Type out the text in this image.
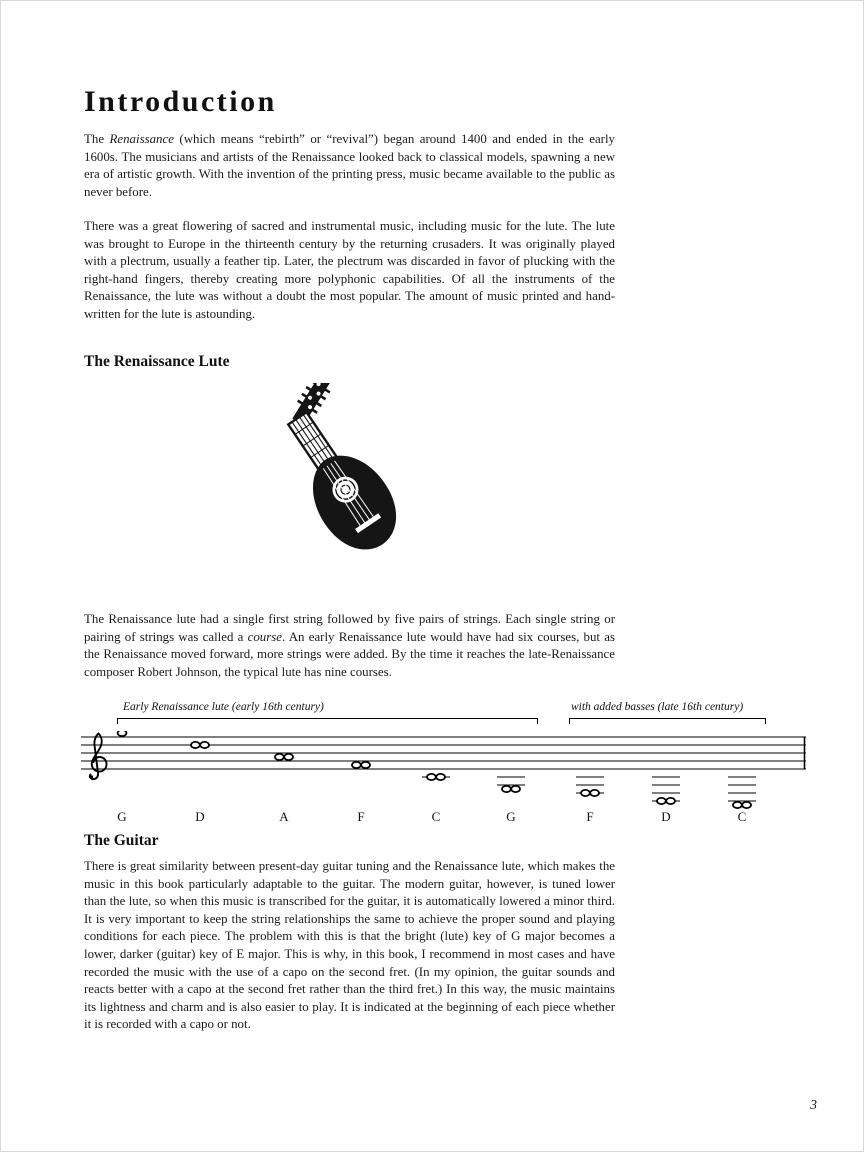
Introduction

The Renaissance (which means “rebirth” or “revival”) began around 1400 and ended in the early 1600s. The musicians and artists of the Renaissance looked back to classical models, spawning a new era of artistic growth. With the invention of the printing press, music became available to the public as never before.

There was a great flowering of sacred and instrumental music, including music for the lute. The lute was brought to Europe in the thirteenth century by the returning crusaders. It was originally played with a plectrum, usually a feather tip. Later, the plectrum was discarded in favor of plucking with the right-hand fingers, thereby creating more polyphonic capabilities. Of all the instruments of the Renaissance, the lute was without a doubt the most popular. The amount of music printed and hand-written for the lute is astounding.

The Renaissance Lute

The Renaissance lute had a single first string followed by five pairs of strings. Each single string or pairing of strings was called a course. An early Renaissance lute would have had six courses, but as the Renaissance moved forward, more strings were added. By the time it reaches the late-Renaissance composer Robert Johnson, the typical lute has nine courses.

Early Renaissance lute (early 16th century)	with added basses (late 16th century)
G	D	A	F	C	G	F	D	C
The Guitar

There is great similarity between present-day guitar tuning and the Renaissance lute, which makes the music in this book particularly adaptable to the guitar. The modern guitar, however, is tuned lower than the lute, so when this music is transcribed for the guitar, it is automatically lowered a minor third. It is very important to keep the string relationships the same to achieve the proper sound and playing conditions for each piece. The problem with this is that the bright (lute) key of G major becomes a lower, darker (guitar) key of E major. This is why, in this book, I recommend in most cases and have recorded the music with the use of a capo on the second fret. (In my opinion, the guitar sounds and reacts better with a capo at the second fret rather than the third fret.) In this way, the music maintains its lightness and charm and is also easier to play. It is indicated at the beginning of each piece whether it is recorded with a capo or not.

3
